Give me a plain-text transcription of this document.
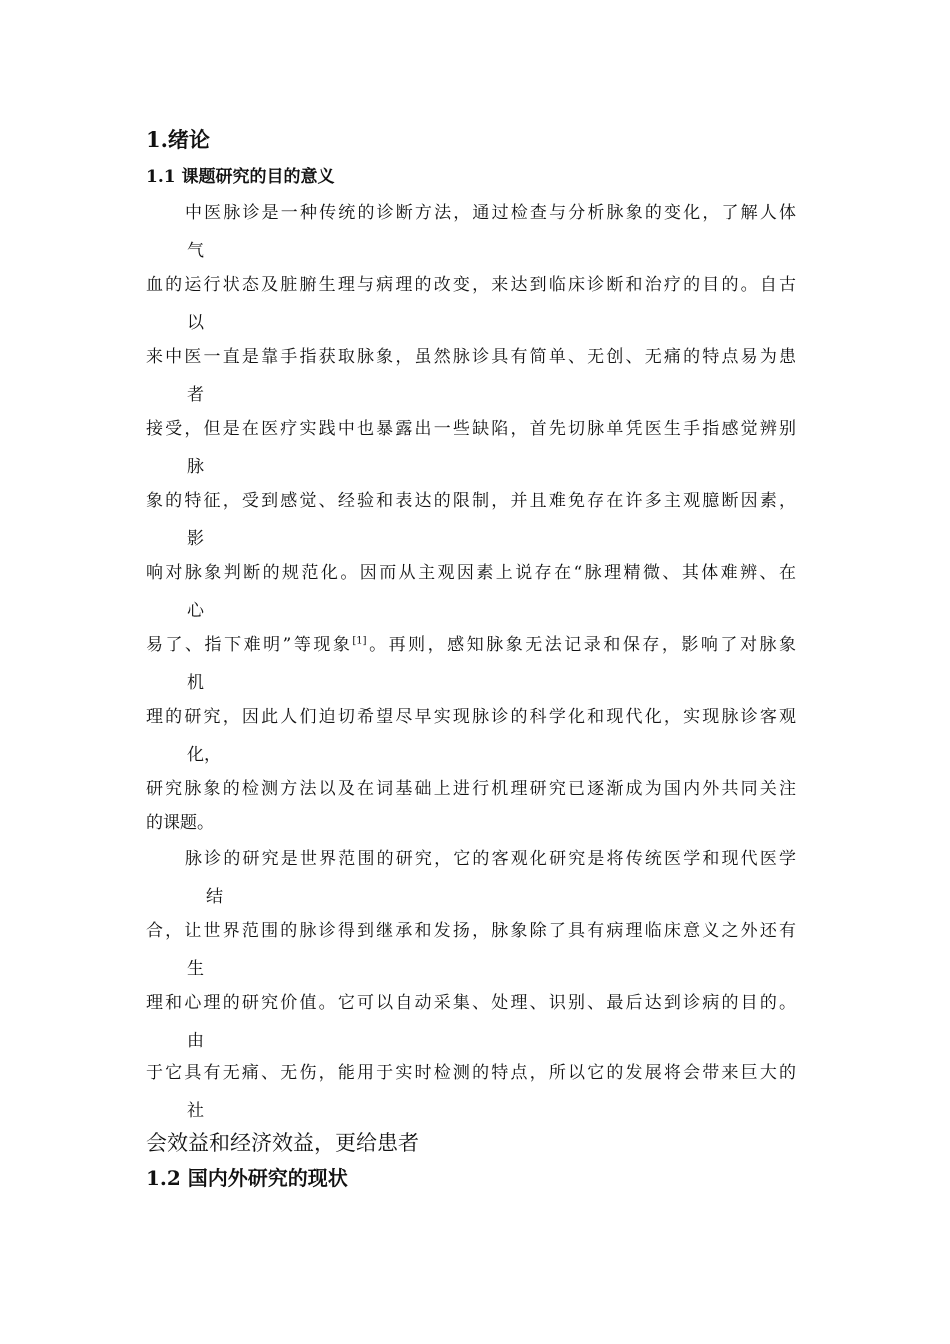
1.绪论
1.1 课题研究的目的意义
中医脉诊是一种传统的诊断方法，通过检查与分析脉象的变化，了解人体
气
血的运行状态及脏腑生理与病理的改变，来达到临床诊断和治疗的目的。自古
以
来中医一直是靠手指获取脉象，虽然脉诊具有简单、无创、无痛的特点易为患
者
接受，但是在医疗实践中也暴露出一些缺陷，首先切脉单凭医生手指感觉辨别
脉
象的特征，受到感觉、经验和表达的限制，并且难免存在许多主观臆断因素，
影
响对脉象判断的规范化。因而从主观因素上说存在“脉理精微、其体难辨、在
心
易了、指下难明”等现象[1]。再则，感知脉象无法记录和保存，影响了对脉象
机
理的研究，因此人们迫切希望尽早实现脉诊的科学化和现代化，实现脉诊客观
化，
研究脉象的检测方法以及在词基础上进行机理研究已逐渐成为国内外共同关注
的课题。
脉诊的研究是世界范围的研究，它的客观化研究是将传统医学和现代医学
结
合，让世界范围的脉诊得到继承和发扬，脉象除了具有病理临床意义之外还有
生
理和心理的研究价值。它可以自动采集、处理、识别、最后达到诊病的目的。
由
于它具有无痛、无伤，能用于实时检测的特点，所以它的发展将会带来巨大的
社
会效益和经济效益，更给患者
1.2 国内外研究的现状
